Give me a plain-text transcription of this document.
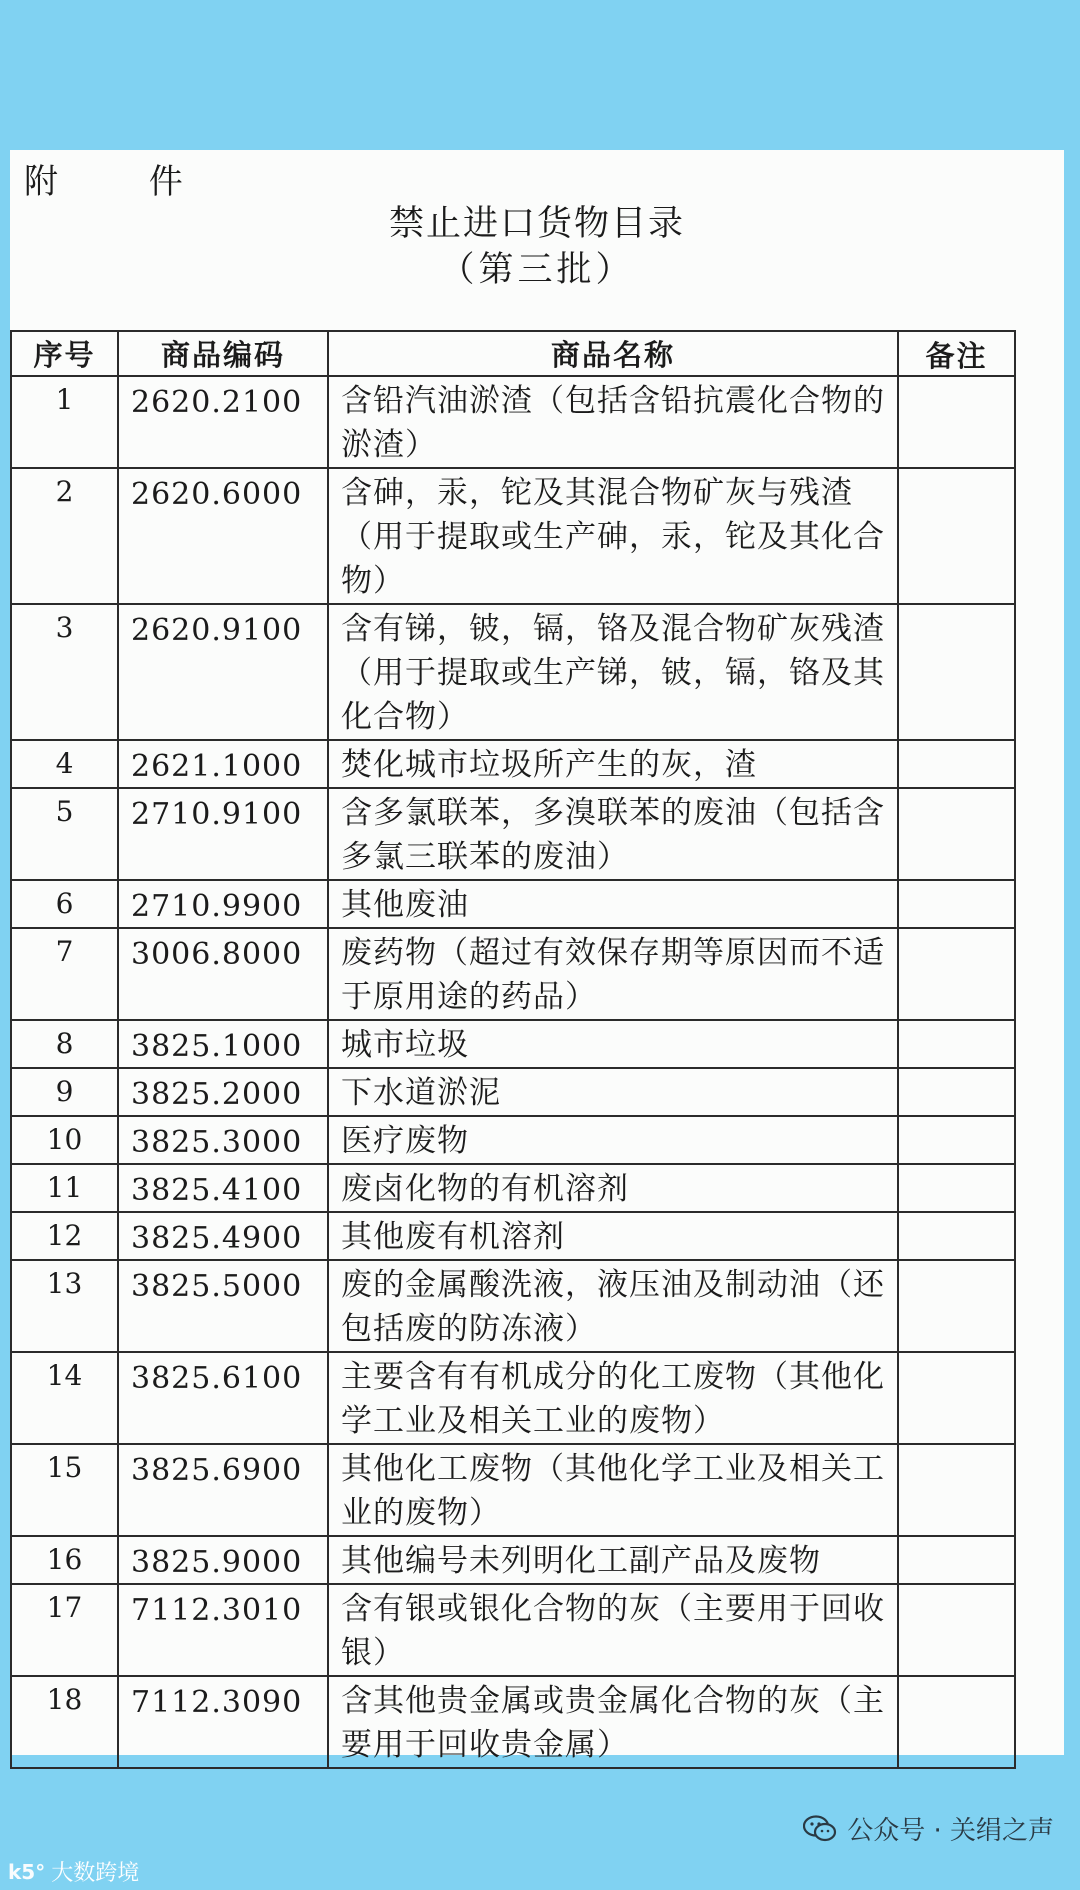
附 件
禁止进口货物目录
（第三批）
序号	商品编码	商品名称	备注
1	2620.2100	含铅汽油淤渣（包括含铅抗震化合物的淤渣）	
2	2620.6000	含砷，汞，铊及其混合物矿灰与残渣（用于提取或生产砷，汞，铊及其化合物）	
3	2620.9100	含有锑，铍，镉，铬及混合物矿灰残渣（用于提取或生产锑，铍，镉，铬及其化合物）	
4	2621.1000	焚化城市垃圾所产生的灰，渣	
5	2710.9100	含多氯联苯，多溴联苯的废油（包括含多氯三联苯的废油）	
6	2710.9900	其他废油	
7	3006.8000	废药物（超过有效保存期等原因而不适于原用途的药品）	
8	3825.1000	城市垃圾	
9	3825.2000	下水道淤泥	
10	3825.3000	医疗废物	
11	3825.4100	废卤化物的有机溶剂	
12	3825.4900	其他废有机溶剂	
13	3825.5000	废的金属酸洗液，液压油及制动油（还包括废的防冻液）	
14	3825.6100	主要含有有机成分的化工废物（其他化学工业及相关工业的废物）	
15	3825.6900	其他化工废物（其他化学工业及相关工业的废物）	
16	3825.9000	其他编号未列明化工副产品及废物	
17	7112.3010	含有银或银化合物的灰（主要用于回收银）	
18	7112.3090	含其他贵金属或贵金属化合物的灰（主要用于回收贵金属）	
k5° 大数跨境
公众号 · 关绢之声
